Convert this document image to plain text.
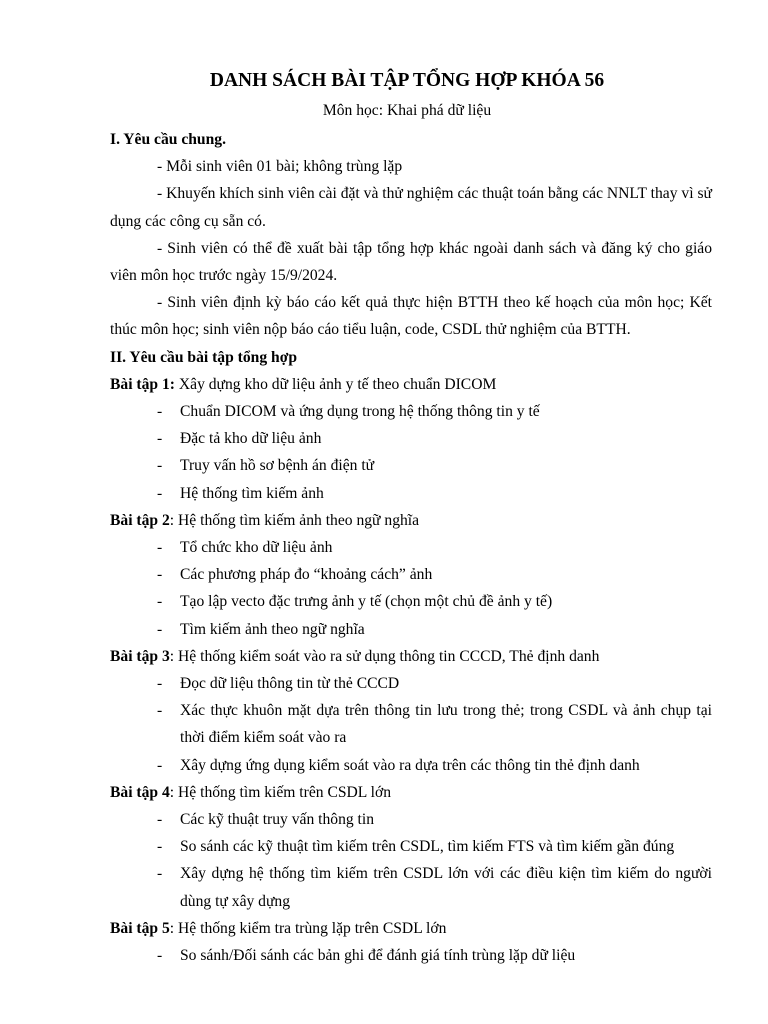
DANH SÁCH BÀI TẬP TỔNG HỢP KHÓA 56

Môn học: Khai phá dữ liệu

I. Yêu cầu chung.

- Mỗi sinh viên 01 bài; không trùng lặp

- Khuyến khích sinh viên cài đặt và thử nghiệm các thuật toán bằng các NNLT thay vì sử dụng các công cụ sẵn có.

- Sinh viên có thể đề xuất bài tập tổng hợp khác ngoài danh sách và đăng ký cho giáo viên môn học trước ngày 15/9/2024.

- Sinh viên định kỳ báo cáo kết quả thực hiện BTTH theo kế hoạch của môn học; Kết thúc môn học; sinh viên nộp báo cáo tiểu luận, code, CSDL thử nghiệm của BTTH.

II. Yêu cầu bài tập tổng hợp

Bài tập 1: Xây dựng kho dữ liệu ảnh y tế theo chuẩn DICOM

- Chuẩn DICOM và ứng dụng trong hệ thống thông tin y tế
- Đặc tả kho dữ liệu ảnh
- Truy vấn hồ sơ bệnh án điện tử
- Hệ thống tìm kiếm ảnh

Bài tập 2: Hệ thống tìm kiếm ảnh theo ngữ nghĩa

- Tổ chức kho dữ liệu ảnh
- Các phương pháp đo “khoảng cách” ảnh
- Tạo lập vecto đặc trưng ảnh y tế (chọn một chủ đề ảnh y tế)
- Tìm kiếm ảnh theo ngữ nghĩa

Bài tập 3: Hệ thống kiểm soát vào ra sử dụng thông tin CCCD, Thẻ định danh

- Đọc dữ liệu thông tin từ thẻ CCCD
- Xác thực khuôn mặt dựa trên thông tin lưu trong thẻ; trong CSDL và ảnh chụp tại thời điểm kiểm soát vào ra
- Xây dựng ứng dụng kiểm soát vào ra dựa trên các thông tin thẻ định danh

Bài tập 4: Hệ thống tìm kiếm trên CSDL lớn

- Các kỹ thuật truy vấn thông tin
- So sánh các kỹ thuật tìm kiếm trên CSDL, tìm kiếm FTS và tìm kiếm gần đúng
- Xây dựng hệ thống tìm kiếm trên CSDL lớn với các điều kiện tìm kiếm do người dùng tự xây dựng

Bài tập 5: Hệ thống kiểm tra trùng lặp trên CSDL lớn

- So sánh/Đối sánh các bản ghi để đánh giá tính trùng lặp dữ liệu
